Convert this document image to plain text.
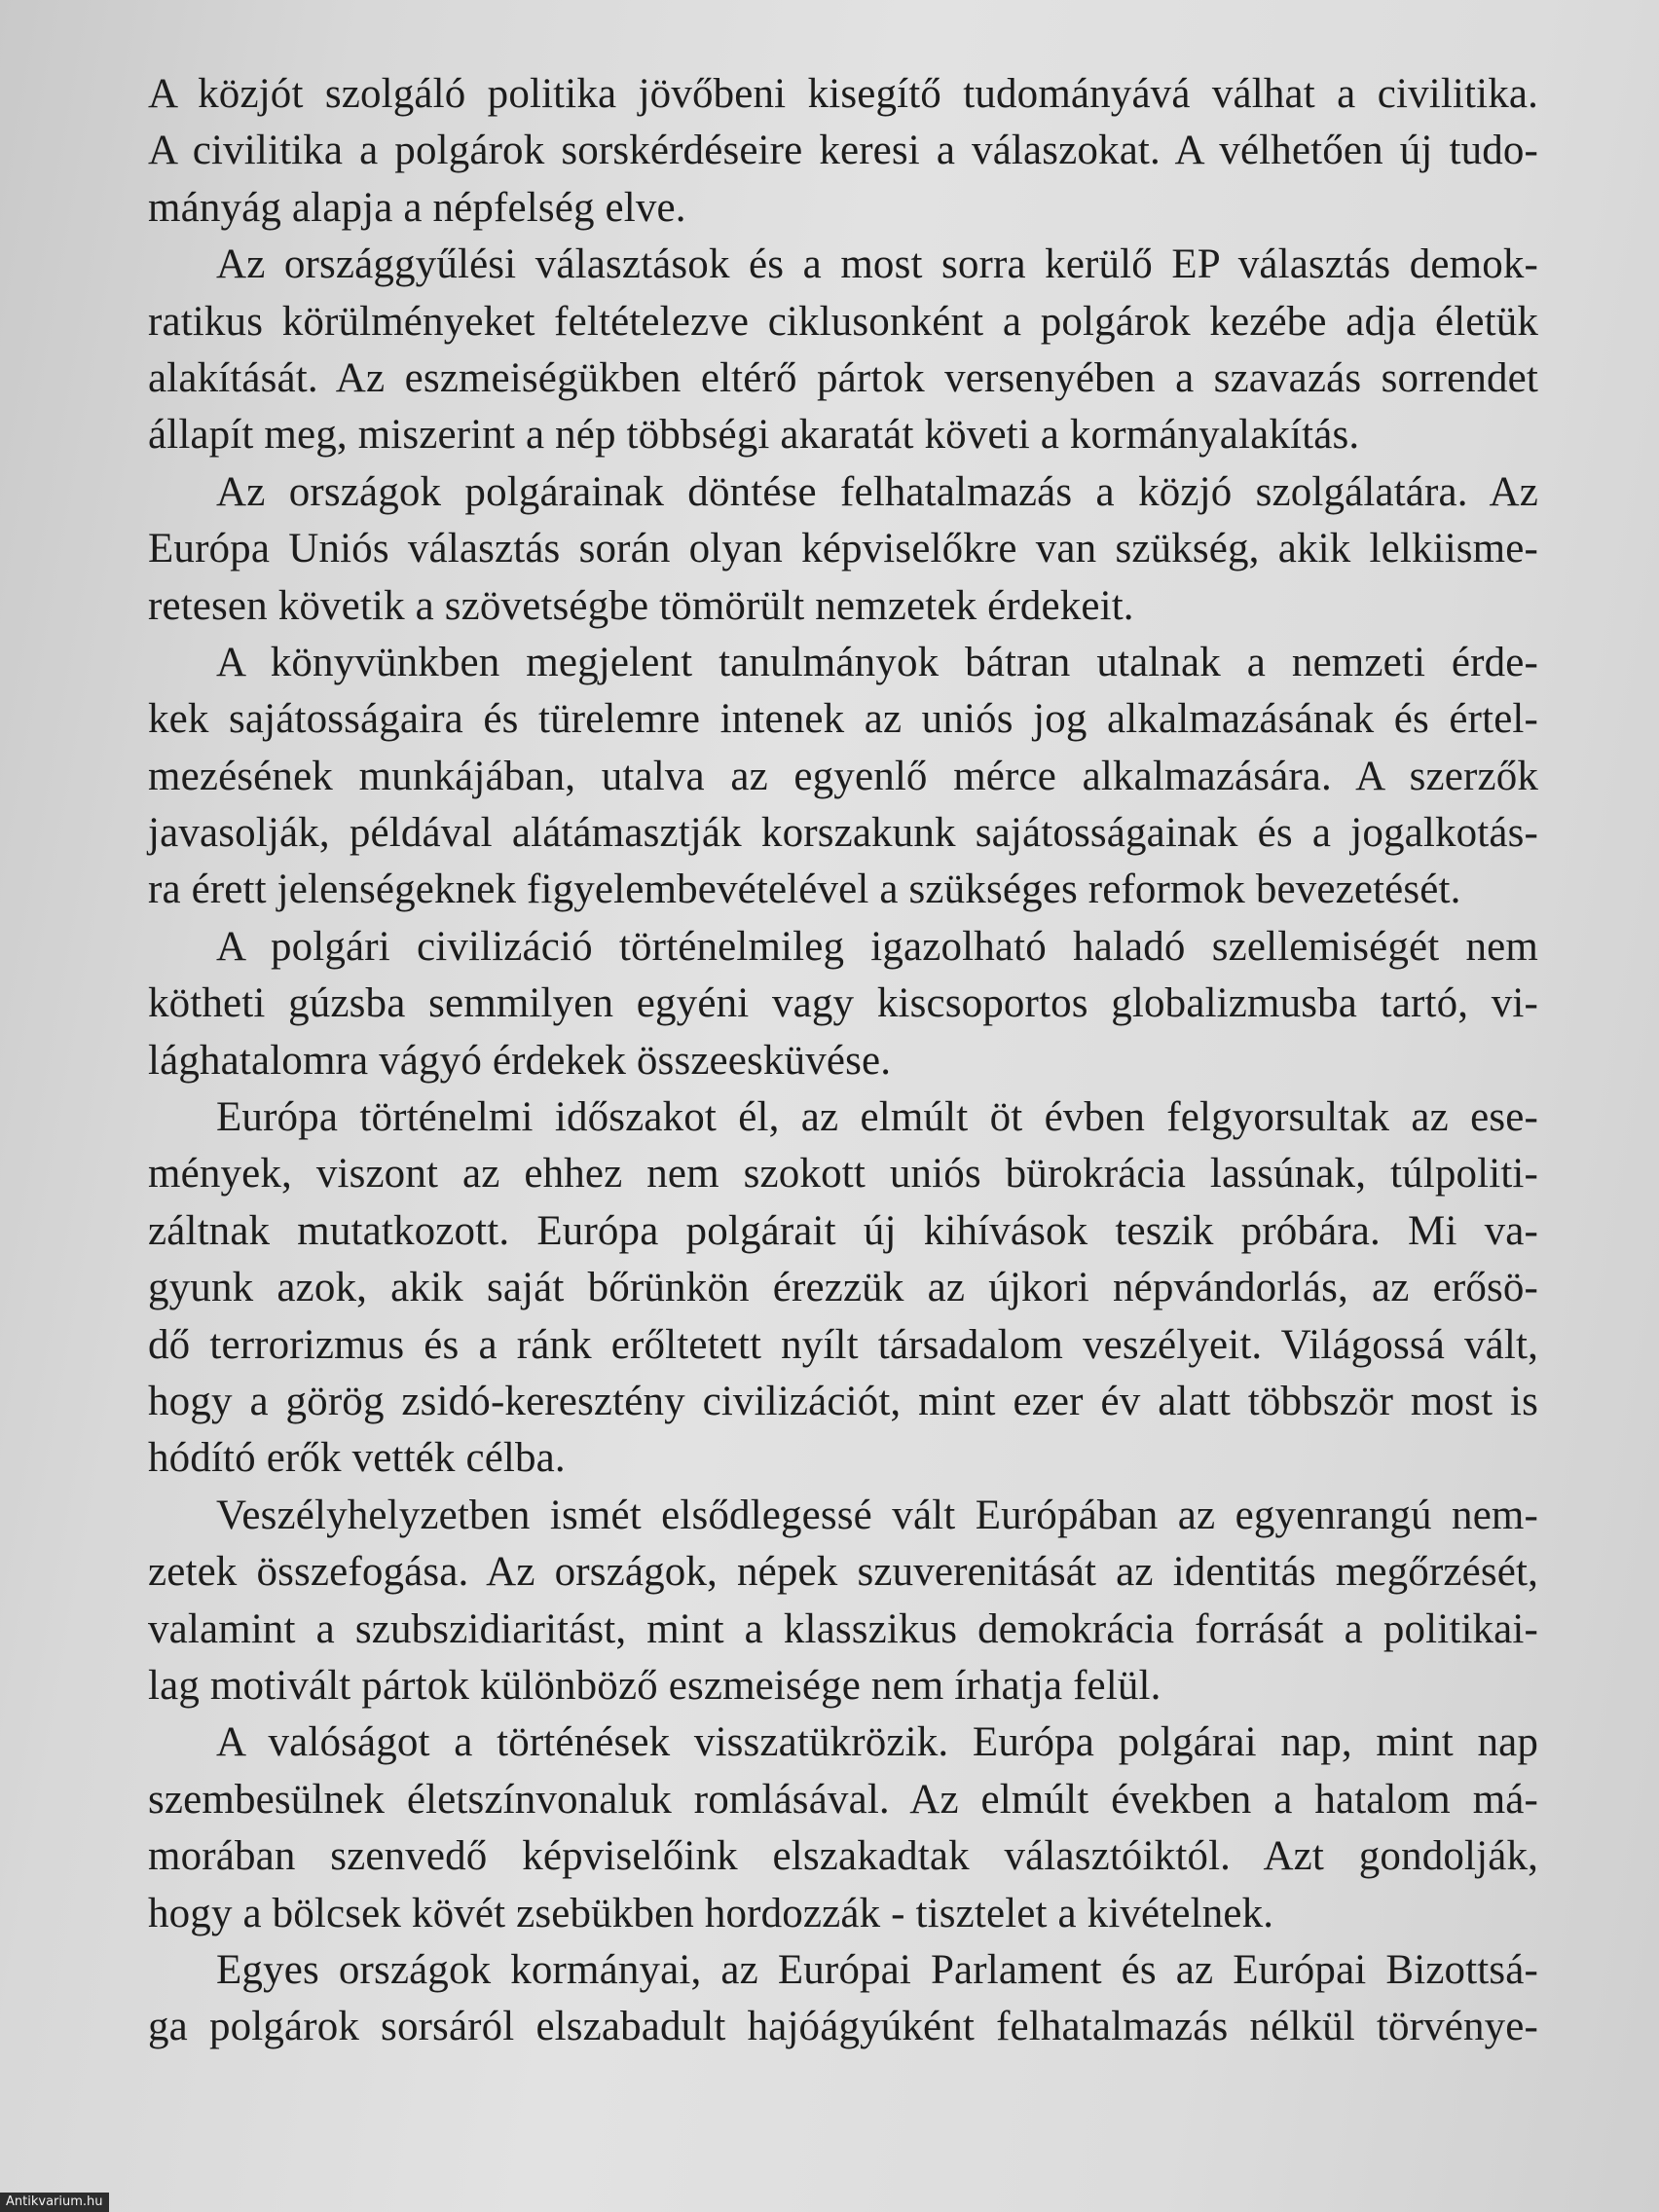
A közjót szolgáló politika jövőbeni kisegítő tudományává válhat a civilitika.
A civilitika a polgárok sorskérdéseire keresi a válaszokat. A vélhetően új tudo-
mányág alapja a népfelség elve.
Az országgyűlési választások és a most sorra kerülő EP választás demok-
ratikus körülményeket feltételezve ciklusonként a polgárok kezébe adja életük
alakítását. Az eszmeiségükben eltérő pártok versenyében a szavazás sorrendet
állapít meg, miszerint a nép többségi akaratát követi a kormányalakítás.
Az országok polgárainak döntése felhatalmazás a közjó szolgálatára. Az
Európa Uniós választás során olyan képviselőkre van szükség, akik lelkiisme-
retesen követik a szövetségbe tömörült nemzetek érdekeit.
A könyvünkben megjelent tanulmányok bátran utalnak a nemzeti érde-
kek sajátosságaira és türelemre intenek az uniós jog alkalmazásának és értel-
mezésének munkájában, utalva az egyenlő mérce alkalmazására. A szerzők
javasolják, példával alátámasztják korszakunk sajátosságainak és a jogalkotás-
ra érett jelenségeknek figyelembevételével a szükséges reformok bevezetését.
A polgári civilizáció történelmileg igazolható haladó szellemiségét nem
kötheti gúzsba semmilyen egyéni vagy kiscsoportos globalizmusba tartó, vi-
lághatalomra vágyó érdekek összeesküvése.
Európa történelmi időszakot él, az elmúlt öt évben felgyorsultak az ese-
mények, viszont az ehhez nem szokott uniós bürokrácia lassúnak, túlpoliti-
záltnak mutatkozott. Európa polgárait új kihívások teszik próbára. Mi va-
gyunk azok, akik saját bőrünkön érezzük az újkori népvándorlás, az erősö-
dő terrorizmus és a ránk erőltetett nyílt társadalom veszélyeit. Világossá vált,
hogy a görög zsidó-keresztény civilizációt, mint ezer év alatt többször most is
hódító erők vették célba.
Veszélyhelyzetben ismét elsődlegessé vált Európában az egyenrangú nem-
zetek összefogása. Az országok, népek szuverenitását az identitás megőrzését,
valamint a szubszidiaritást, mint a klasszikus demokrácia forrását a politikai-
lag motivált pártok különböző eszmeisége nem írhatja felül.
A valóságot a történések visszatükrözik. Európa polgárai nap, mint nap
szembesülnek életszínvonaluk romlásával. Az elmúlt években a hatalom má-
morában szenvedő képviselőink elszakadtak választóiktól. Azt gondolják,
hogy a bölcsek kövét zsebükben hordozzák - tisztelet a kivételnek.
Egyes országok kormányai, az Európai Parlament és az Európai Bizottsá-
ga polgárok sorsáról elszabadult hajóágyúként felhatalmazás nélkül törvénye-
Antikvarium.hu
